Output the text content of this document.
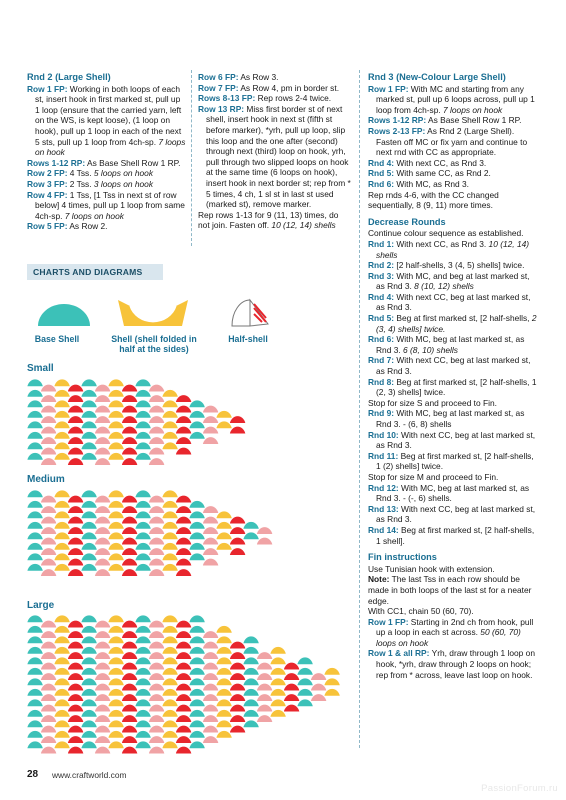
Rnd 2 (Large Shell)

Row 1 FP: Working in both loops of each st, insert hook in first marked st, pull up 1 loop (ensure that the carried yarn, left on the WS, is kept loose), (1 loop on hook), pull up 1 loop in each of the next 5 sts, pull up 1 loop from 4ch-sp. 7 loops on hook

Rows 1-12 RP: As Base Shell Row 1 RP.

Row 2 FP: 4 Tss. 5 loops on hook

Row 3 FP: 2 Tss. 3 loops on hook

Row 4 FP: 1 Tss, [1 Tss in next st of row below] 4 times, pull up 1 loop from same 4ch-sp. 7 loops on hook

Row 5 FP: As Row 2.

Row 6 FP: As Row 3.

Row 7 FP: As Row 4, pm in border st.

Rows 8-13 FP: Rep rows 2-4 twice.

Row 13 RP: Miss first border st of next shell, insert hook in next st (fifth st before marker), *yrh, pull up loop, slip this loop and the one after (second) through next (third) loop on hook, yrh, pull through two slipped loops on hook at the same time (6 loops on hook), insert hook in next border st; rep from * 5 times, 4 ch, 1 sl st in last st used (marked st), remove marker.

Rep rows 1-13 for 9 (11, 13) times, do not join. Fasten off. 10 (12, 14) shells

Rnd 3 (New-Colour Large Shell)

Row 1 FP: With MC and starting from any marked st, pull up 6 loops across, pull up 1 loop from 4ch-sp. 7 loops on hook

Rows 1-12 RP: As Base Shell Row 1 RP.

Rows 2-13 FP: As Rnd 2 (Large Shell). Fasten off MC or fix yarn and continue to next rnd with CC as appropriate.

Rnd 4: With next CC, as Rnd 3.

Rnd 5: With same CC, as Rnd 2.

Rnd 6: With MC, as Rnd 3.

Rep rnds 4-6, with the CC changed sequentially, 8 (9, 11) more times.

Decrease Rounds

Continue colour sequence as established.

Rnd 1: With next CC, as Rnd 3. 10 (12, 14) shells

Rnd 2: [2 half-shells, 3 (4, 5) shells] twice.

Rnd 3: With MC, and beg at last marked st, as Rnd 3. 8 (10, 12) shells

Rnd 4: With next CC, beg at last marked st, as Rnd 3.

Rnd 5: Beg at first marked st, [2 half-shells, 2 (3, 4) shells] twice.

Rnd 6: With MC, beg at last marked st, as Rnd 3. 6 (8, 10) shells

Rnd 7: With next CC, beg at last marked st, as Rnd 3.

Rnd 8: Beg at first marked st, [2 half-shells, 1 (2, 3) shells] twice.

Stop for size S and proceed to Fin.

Rnd 9: With MC, beg at last marked st, as Rnd 3. - (6, 8) shells

Rnd 10: With next CC, beg at last marked st, as Rnd 3.

Rnd 11: Beg at first marked st, [2 half-shells, 1 (2) shells] twice.

Stop for size M and proceed to Fin.

Rnd 12: With MC, beg at last marked st, as Rnd 3. - (-, 6) shells.

Rnd 13: With next CC, beg at last marked st, as Rnd 3.

Rnd 14: Beg at first marked st, [2 half-shells, 1 shell].

Fin instructions

Use Tunisian hook with extension.

Note: The last Tss in each row should be made in both loops of the last st for a neater edge.

With CC1, chain 50 (60, 70).

Row 1 FP: Starting in 2nd ch from hook, pull up a loop in each st across. 50 (60, 70) loops on hook

Row 1 & all RP: Yrh, draw through 1 loop on hook, *yrh, draw through 2 loops on hook; rep from * across, leave last loop on hook.

CHARTS AND DIAGRAMS
Base Shell	Shell (shell folded in half at the sides)
Half-shell
Small
Medium
Large
28 www.craftworld.com
PassionForum.ru
